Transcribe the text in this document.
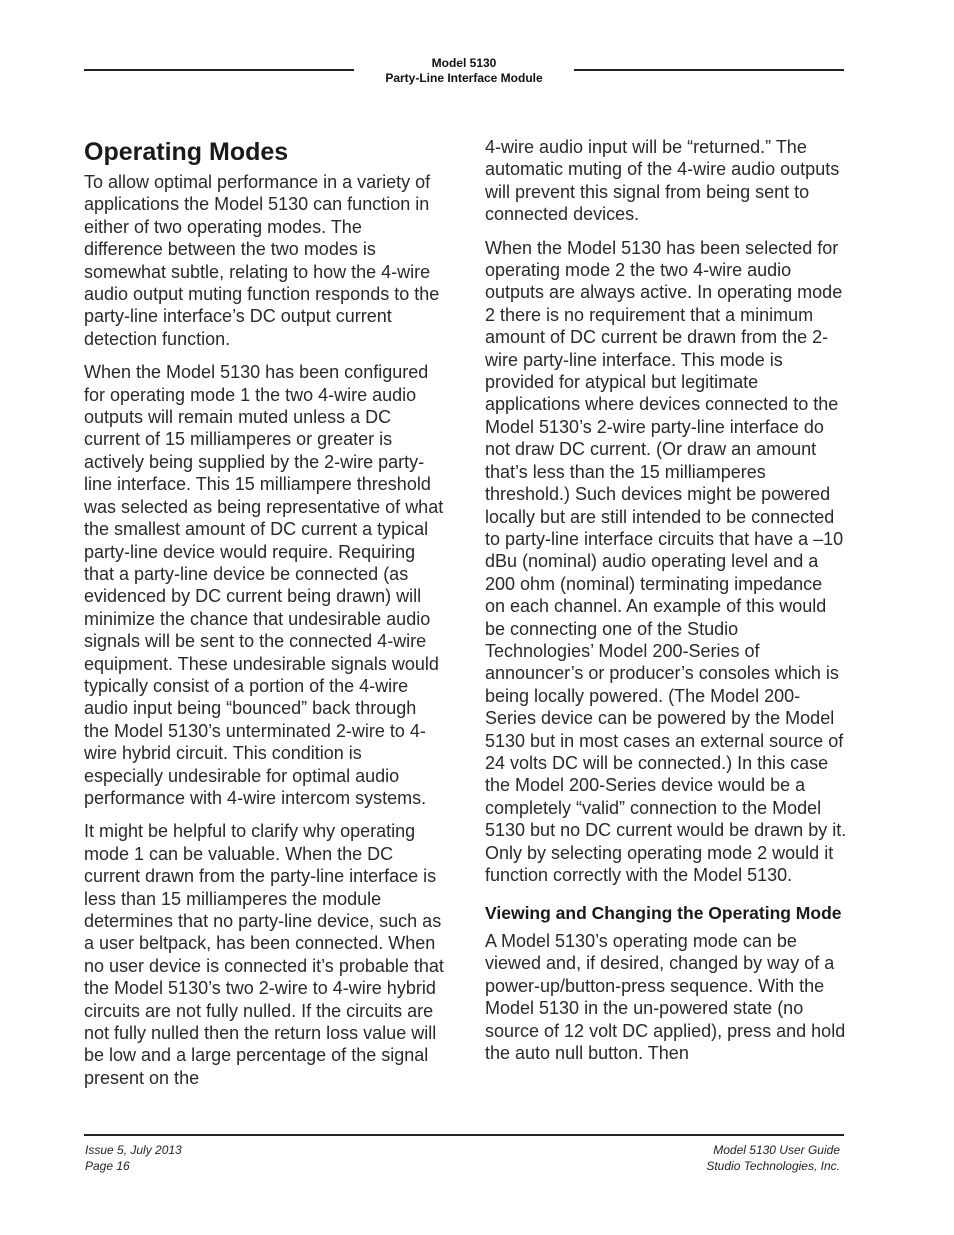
Model 5130
Party-Line Interface Module
Operating Modes

To allow optimal performance in a variety of applications the Model 5130 can function in either of two operating modes. The difference between the two modes is somewhat subtle, relating to how the 4-wire audio output muting function responds to the party-line interface’s DC output current detection function.

When the Model 5130 has been configured for operating mode 1 the two 4-wire audio outputs will remain muted unless a DC current of 15 milliamperes or greater is actively being supplied by the 2-wire party-line interface. This 15 milliampere threshold was selected as being representative of what the smallest amount of DC current a typical party-line device would require. Requiring that a party-line device be connected (as evidenced by DC current being drawn) will minimize the chance that undesirable audio signals will be sent to the connected 4-wire equipment. These undesirable signals would typically consist of a portion of the 4-wire audio input being “bounced” back through the Model 5130’s unterminated 2-wire to 4-wire hybrid circuit. This condition is especially undesirable for optimal audio performance with 4-wire intercom systems.

It might be helpful to clarify why operating mode 1 can be valuable. When the DC current drawn from the party-line interface is less than 15 milliamperes the module determines that no party-line device, such as a user beltpack, has been connected. When no user device is connected it’s probable that the Model 5130’s two 2-wire to 4-wire hybrid circuits are not fully nulled. If the circuits are not fully nulled then the return loss value will be low and a large percentage of the signal present on the

4-wire audio input will be “returned.” The automatic muting of the 4-wire audio outputs will prevent this signal from being sent to connected devices.

When the Model 5130 has been selected for operating mode 2 the two 4-wire audio outputs are always active. In operating mode 2 there is no requirement that a minimum amount of DC current be drawn from the 2-wire party-line interface. This mode is provided for atypical but legitimate applications where devices connected to the Model 5130’s 2-wire party-line interface do not draw DC current. (Or draw an amount that’s less than the 15 milliamperes threshold.) Such devices might be powered locally but are still intended to be connected to party-line interface circuits that have a –10 dBu (nominal) audio operating level and a 200 ohm (nominal) terminating impedance on each channel. An example of this would be connecting one of the Studio Technologies’ Model 200-Series of announcer’s or producer’s consoles which is being locally powered. (The Model 200-Series device can be powered by the Model 5130 but in most cases an external source of 24 volts DC will be connected.) In this case the Model 200-Series device would be a completely “valid” connection to the Model 5130 but no DC current would be drawn by it. Only by selecting operating mode 2 would it function correctly with the Model 5130.

Viewing and Changing the Operating Mode

A Model 5130’s operating mode can be viewed and, if desired, changed by way of a power-up/button-press sequence. With the Model 5130 in the un-powered state (no source of 12 volt DC applied), press and hold the auto null button. Then

Issue 5, July 2013
Page 16
Model 5130 User Guide
Studio Technologies, Inc.
